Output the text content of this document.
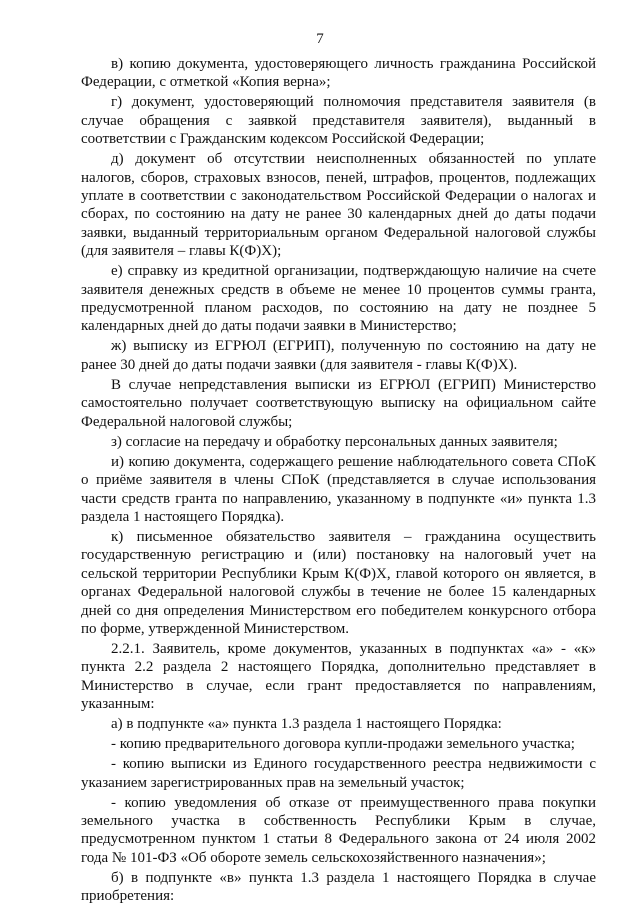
7

в) копию документа, удостоверяющего личность гражданина Российской Федерации, с отметкой «Копия верна»;

г) документ, удостоверяющий полномочия представителя заявителя (в случае обращения с заявкой представителя заявителя), выданный в соответствии с Гражданским кодексом Российской Федерации;

д) документ об отсутствии неисполненных обязанностей по уплате налогов, сборов, страховых взносов, пеней, штрафов, процентов, подлежащих уплате в соответствии с законодательством Российской Федерации о налогах и сборах, по состоянию на дату не ранее 30 календарных дней до даты подачи заявки, выданный территориальным органом Федеральной налоговой службы (для заявителя – главы К(Ф)Х);

е) справку из кредитной организации, подтверждающую наличие на счете заявителя денежных средств в объеме не менее 10 процентов суммы гранта, предусмотренной планом расходов, по состоянию на дату не позднее 5 календарных дней до даты подачи заявки в Министерство;

ж) выписку из ЕГРЮЛ (ЕГРИП), полученную по состоянию на дату не ранее 30 дней до даты подачи заявки (для заявителя - главы К(Ф)Х).

В случае непредставления выписки из ЕГРЮЛ (ЕГРИП) Министерство самостоятельно получает соответствующую выписку на официальном сайте Федеральной налоговой службы;

з) согласие на передачу и обработку персональных данных заявителя;

и) копию документа, содержащего решение наблюдательного совета СПоК о приёме заявителя в члены СПоК (представляется в случае использования части средств гранта по направлению, указанному в подпункте «и» пункта 1.3 раздела 1 настоящего Порядка).

к) письменное обязательство заявителя – гражданина осуществить государственную регистрацию и (или) постановку на налоговый учет на сельской территории Республики Крым К(Ф)Х, главой которого он является, в органах Федеральной налоговой службы в течение не более 15 календарных дней со дня определения Министерством его победителем конкурсного отбора по форме, утвержденной Министерством.

2.2.1. Заявитель, кроме документов, указанных в подпунктах «а» - «к» пункта 2.2 раздела 2 настоящего Порядка, дополнительно представляет в Министерство в случае, если грант предоставляется по направлениям, указанным:

а) в подпункте «а» пункта 1.3 раздела 1 настоящего Порядка:

- копию предварительного договора купли-продажи земельного участка;

- копию выписки из Единого государственного реестра недвижимости с указанием зарегистрированных прав на земельный участок;

- копию уведомления об отказе от преимущественного права покупки земельного участка в собственность Республики Крым в случае, предусмотренном пунктом 1 статьи 8 Федерального закона от 24 июля 2002 года № 101-ФЗ «Об обороте земель сельскохозяйственного назначения»;

б) в подпункте «в» пункта 1.3 раздела 1 настоящего Порядка в случае приобретения:
